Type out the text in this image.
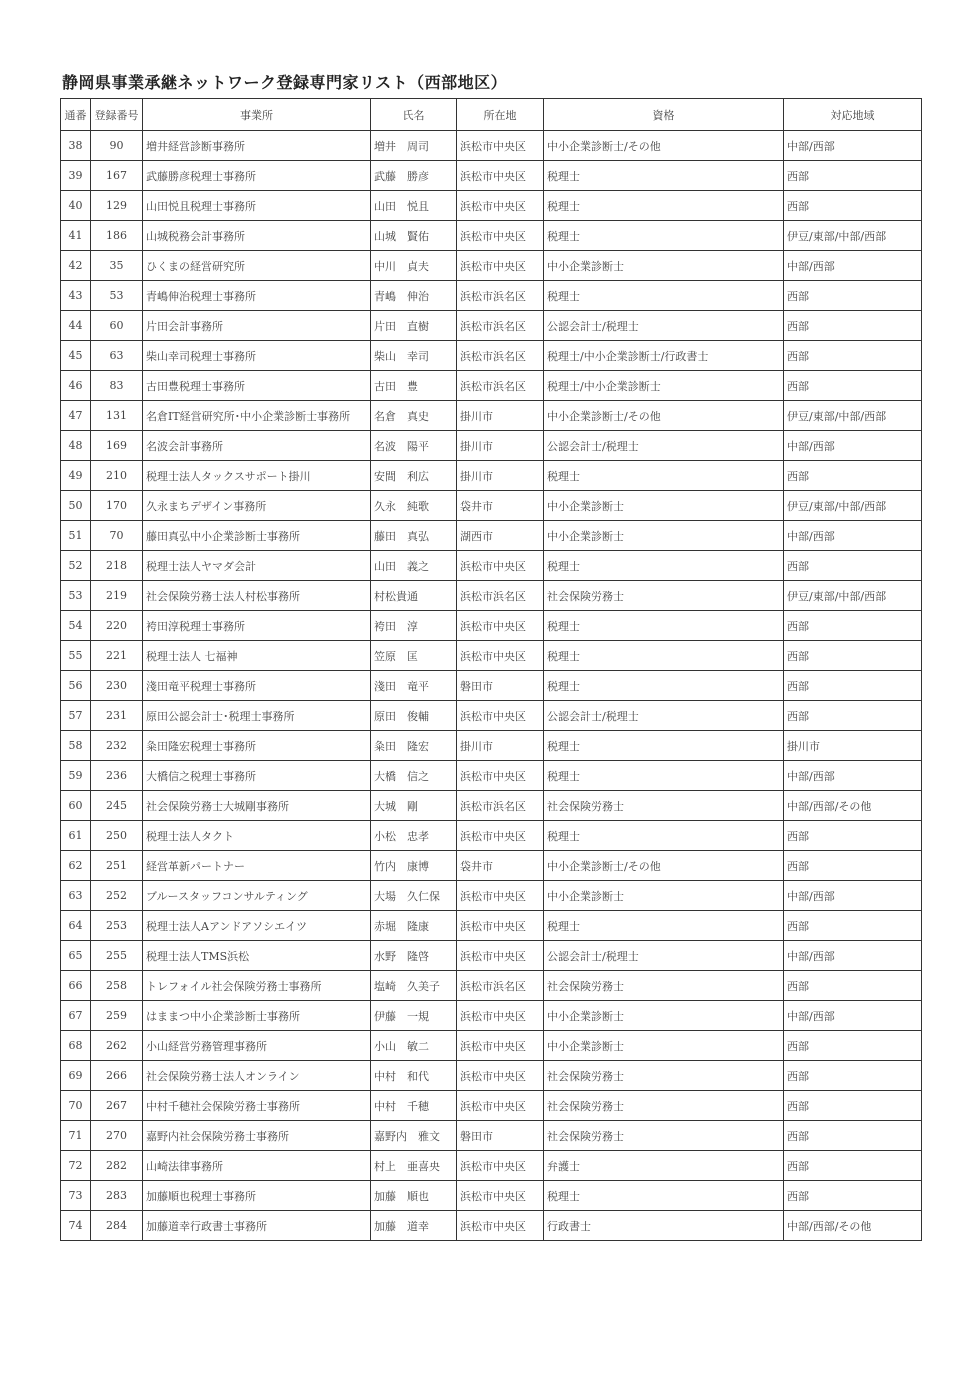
静岡県事業承継ネットワーク登録専門家リスト（西部地区）
通番	登録番号	事業所	氏名	所在地	資格	対応地域
38	90	増井経営診断事務所	増井　周司	浜松市中央区	中小企業診断士/その他	中部/西部
39	167	武藤勝彦税理士事務所	武藤　勝彦	浜松市中央区	税理士	西部
40	129	山田悦且税理士事務所	山田　悦且	浜松市中央区	税理士	西部
41	186	山城税務会計事務所	山城　賢佑	浜松市中央区	税理士	伊豆/東部/中部/西部
42	35	ひくまの経営研究所	中川　貞夫	浜松市中央区	中小企業診断士	中部/西部
43	53	青嶋伸治税理士事務所	青嶋　伸治	浜松市浜名区	税理士	西部
44	60	片田会計事務所	片田　直樹	浜松市浜名区	公認会計士/税理士	西部
45	63	柴山幸司税理士事務所	柴山　幸司	浜松市浜名区	税理士/中小企業診断士/行政書士	西部
46	83	古田豊税理士事務所	古田　豊	浜松市浜名区	税理士/中小企業診断士	西部
47	131	名倉IT経営研究所･中小企業診断士事務所	名倉　真史	掛川市	中小企業診断士/その他	伊豆/東部/中部/西部
48	169	名波会計事務所	名波　陽平	掛川市	公認会計士/税理士	中部/西部
49	210	税理士法人タックスサポート掛川	安間　利広	掛川市	税理士	西部
50	170	久永まちデザイン事務所	久永　純歌	袋井市	中小企業診断士	伊豆/東部/中部/西部
51	70	藤田真弘中小企業診断士事務所	藤田　真弘	湖西市	中小企業診断士	中部/西部
52	218	税理士法人ヤマダ会計	山田　義之	浜松市中央区	税理士	西部
53	219	社会保険労務士法人村松事務所	村松貴通	浜松市浜名区	社会保険労務士	伊豆/東部/中部/西部
54	220	袴田淳税理士事務所	袴田　淳	浜松市中央区	税理士	西部
55	221	税理士法人 七福神	笠原　匡	浜松市中央区	税理士	西部
56	230	淺田竜平税理士事務所	淺田　竜平	磐田市	税理士	西部
57	231	原田公認会計士･税理士事務所	原田　俊輔	浜松市中央区	公認会計士/税理士	西部
58	232	粂田隆宏税理士事務所	粂田　隆宏	掛川市	税理士	掛川市
59	236	大橋信之税理士事務所	大橋　信之	浜松市中央区	税理士	中部/西部
60	245	社会保険労務士大城剛事務所	大城　剛	浜松市浜名区	社会保険労務士	中部/西部/その他
61	250	税理士法人タクト	小松　忠孝	浜松市中央区	税理士	西部
62	251	経営革新パートナー	竹内　康博	袋井市	中小企業診断士/その他	西部
63	252	ブルースタッフコンサルティング	大場　久仁保	浜松市中央区	中小企業診断士	中部/西部
64	253	税理士法人Aアンドアソシエイツ	赤堀　隆康	浜松市中央区	税理士	西部
65	255	税理士法人TMS浜松	水野　隆啓	浜松市中央区	公認会計士/税理士	中部/西部
66	258	トレフォイル社会保険労務士事務所	塩崎　久美子	浜松市浜名区	社会保険労務士	西部
67	259	はままつ中小企業診断士事務所	伊藤　一規	浜松市中央区	中小企業診断士	中部/西部
68	262	小山経営労務管理事務所	小山　敏二	浜松市中央区	中小企業診断士	西部
69	266	社会保険労務士法人オンライン	中村　和代	浜松市中央区	社会保険労務士	西部
70	267	中村千穂社会保険労務士事務所	中村　千穂	浜松市中央区	社会保険労務士	西部
71	270	嘉野内社会保険労務士事務所	嘉野内　雅文	磐田市	社会保険労務士	西部
72	282	山崎法律事務所	村上　亜喜央	浜松市中央区	弁護士	西部
73	283	加藤順也税理士事務所	加藤　順也	浜松市中央区	税理士	西部
74	284	加藤道幸行政書士事務所	加藤　道幸	浜松市中央区	行政書士	中部/西部/その他
